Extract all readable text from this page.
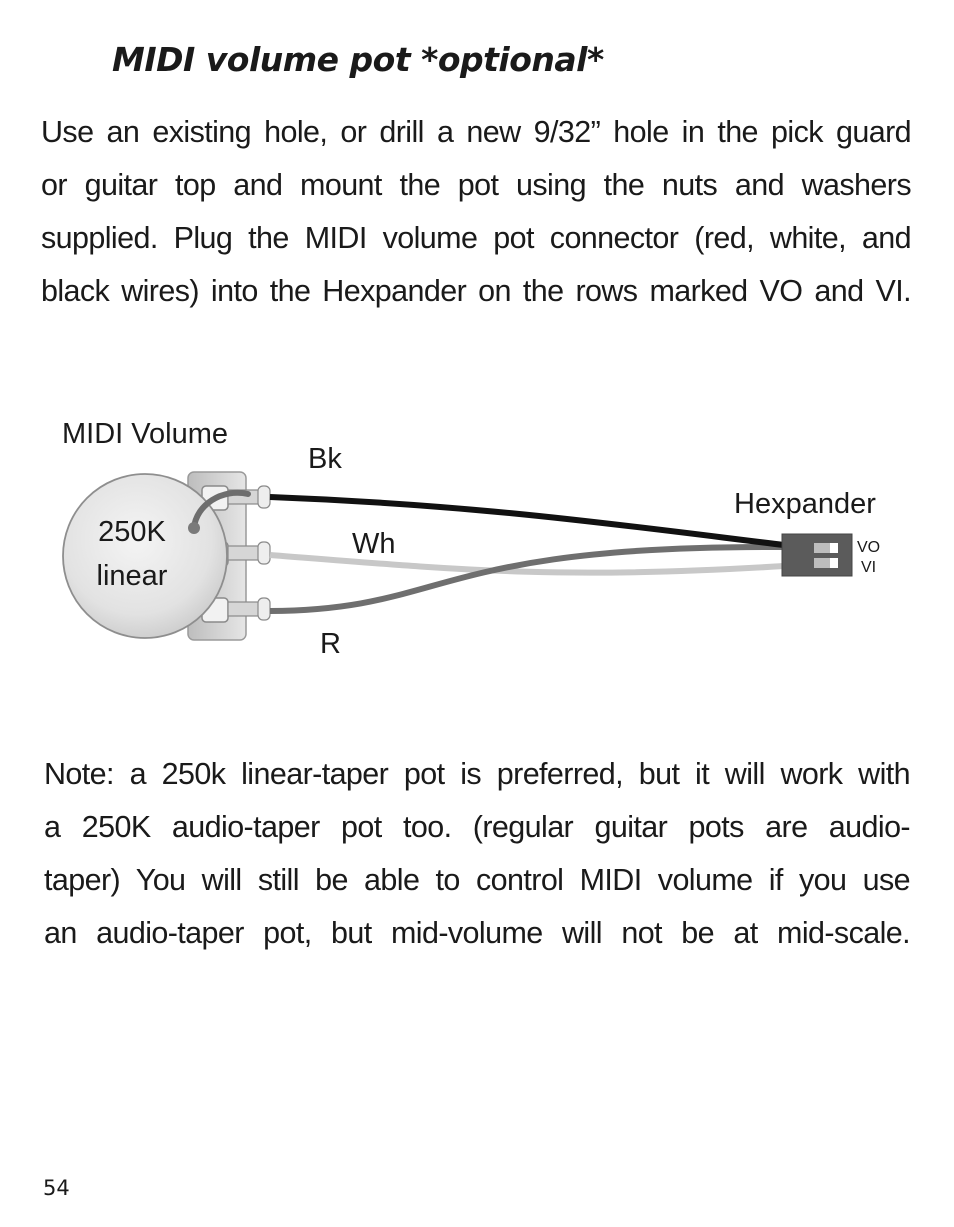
MIDI volume pot *optional*
Use an existing hole, or drill a new 9/32” hole in the pick guard
or guitar top and mount the pot using the nuts and washers
supplied. Plug the MIDI volume pot connector (red, white, and
black wires) into the Hexpander on the rows marked VO and VI.
MIDI Volume
250K
linear
Bk
Wh
R
Hexpander
VO
VI
Note: a 250k linear-taper pot is preferred, but it will work with
a 250K audio-taper pot too. (regular guitar pots are audio-
taper) You will still be able to control MIDI volume if you use
an audio-taper pot, but mid-volume will not be at mid-scale.
54
